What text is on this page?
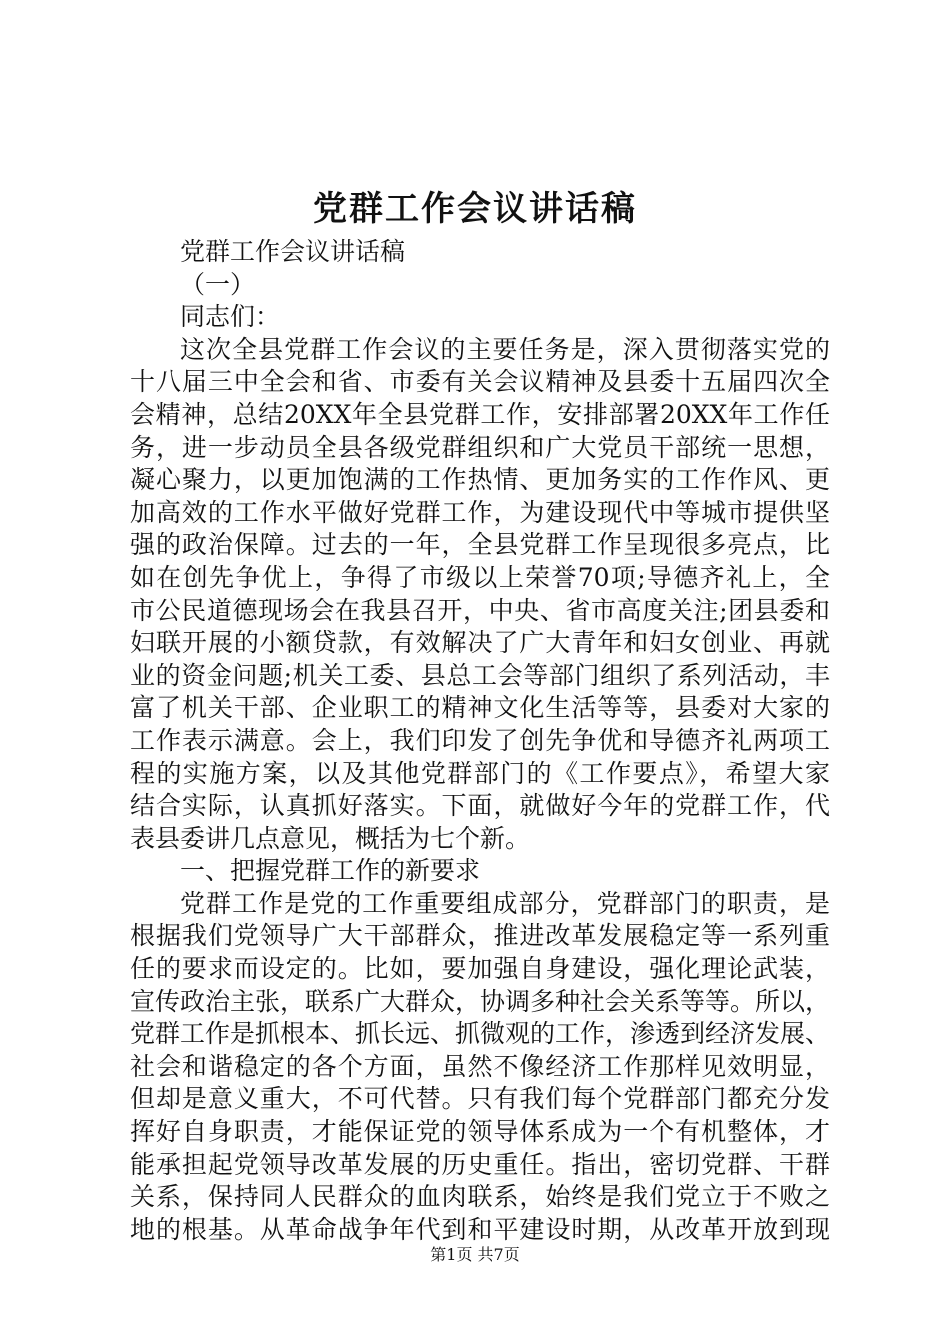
党群工作会议讲话稿
党群工作会议讲话稿
（一）
同志们：
这次全县党群工作会议的主要任务是，深入贯彻落实党的
十八届三中全会和省、市委有关会议精神及县委十五届四次全
会精神，总结20XX年全县党群工作，安排部署20XX年工作任
务，进一步动员全县各级党群组织和广大党员干部统一思想，
凝心聚力，以更加饱满的工作热情、更加务实的工作作风、更
加高效的工作水平做好党群工作，为建设现代中等城市提供坚
强的政治保障。过去的一年，全县党群工作呈现很多亮点，比
如在创先争优上，争得了市级以上荣誉70项;导德齐礼上，全
市公民道德现场会在我县召开，中央、省市高度关注;团县委和
妇联开展的小额贷款，有效解决了广大青年和妇女创业、再就
业的资金问题;机关工委、县总工会等部门组织了系列活动，丰
富了机关干部、企业职工的精神文化生活等等，县委对大家的
工作表示满意。会上，我们印发了创先争优和导德齐礼两项工
程的实施方案，以及其他党群部门的《工作要点》，希望大家
结合实际，认真抓好落实。下面，就做好今年的党群工作，代
表县委讲几点意见，概括为七个新。
一、把握党群工作的新要求
党群工作是党的工作重要组成部分，党群部门的职责，是
根据我们党领导广大干部群众，推进改革发展稳定等一系列重
任的要求而设定的。比如，要加强自身建设，强化理论武装，
宣传政治主张，联系广大群众，协调多种社会关系等等。所以，
党群工作是抓根本、抓长远、抓微观的工作，渗透到经济发展、
社会和谐稳定的各个方面，虽然不像经济工作那样见效明显，
但却是意义重大，不可代替。只有我们每个党群部门都充分发
挥好自身职责，才能保证党的领导体系成为一个有机整体，才
能承担起党领导改革发展的历史重任。指出，密切党群、干群
关系，保持同人民群众的血肉联系，始终是我们党立于不败之
地的根基。从革命战争年代到和平建设时期，从改革开放到现
第1页 共7页
